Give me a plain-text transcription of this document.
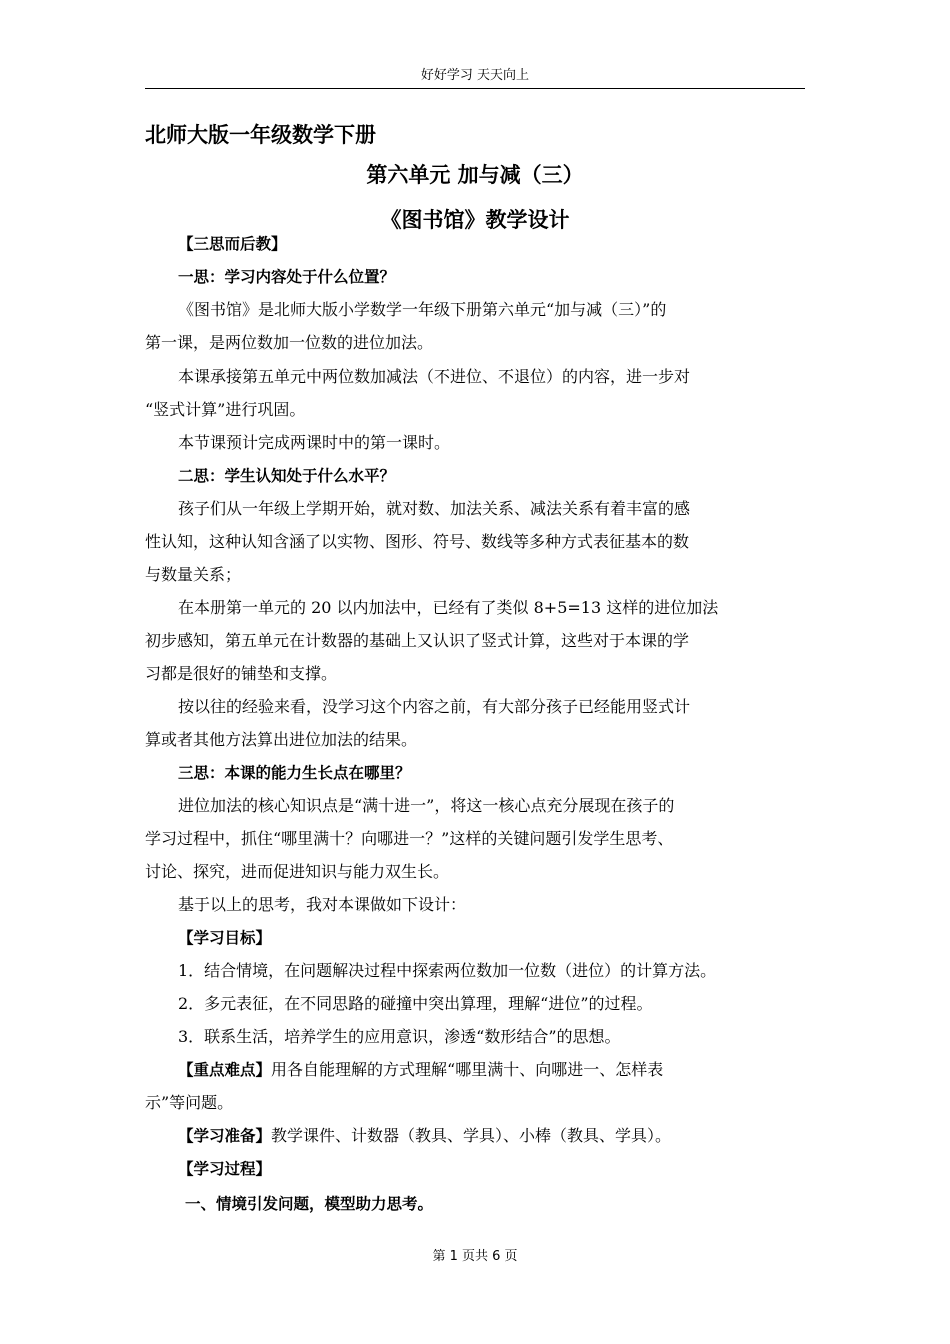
好好学习 天天向上
北师大版一年级数学下册
第六单元 加与减（三）
《图书馆》教学设计
【三思而后教】
一思：学习内容处于什么位置？
《图书馆》是北师大版小学数学一年级下册第六单元“加与减（三）”的
第一课，是两位数加一位数的进位加法。
本课承接第五单元中两位数加减法（不进位、不退位）的内容，进一步对
“竖式计算”进行巩固。
本节课预计完成两课时中的第一课时。
二思：学生认知处于什么水平？
孩子们从一年级上学期开始，就对数、加法关系、减法关系有着丰富的感
性认知，这种认知含涵了以实物、图形、符号、数线等多种方式表征基本的数
与数量关系；
在本册第一单元的 20 以内加法中，已经有了类似 8+5=13 这样的进位加法
初步感知，第五单元在计数器的基础上又认识了竖式计算，这些对于本课的学
习都是很好的铺垫和支撑。
按以往的经验来看，没学习这个内容之前，有大部分孩子已经能用竖式计
算或者其他方法算出进位加法的结果。
三思：本课的能力生长点在哪里？
进位加法的核心知识点是“满十进一”，将这一核心点充分展现在孩子的
学习过程中，抓住“哪里满十？向哪进一？”这样的关键问题引发学生思考、
讨论、探究，进而促进知识与能力双生长。
基于以上的思考，我对本课做如下设计：
【学习目标】
1．结合情境，在问题解决过程中探索两位数加一位数（进位）的计算方法。
2．多元表征，在不同思路的碰撞中突出算理，理解“进位”的过程。
3．联系生活，培养学生的应用意识，渗透“数形结合”的思想。
【重点难点】用各自能理解的方式理解“哪里满十、向哪进一、怎样表
示”等问题。
【学习准备】教学课件、计数器（教具、学具）、小棒（教具、学具）。
【学习过程】
一、情境引发问题，模型助力思考。
第 1 页共 6 页
